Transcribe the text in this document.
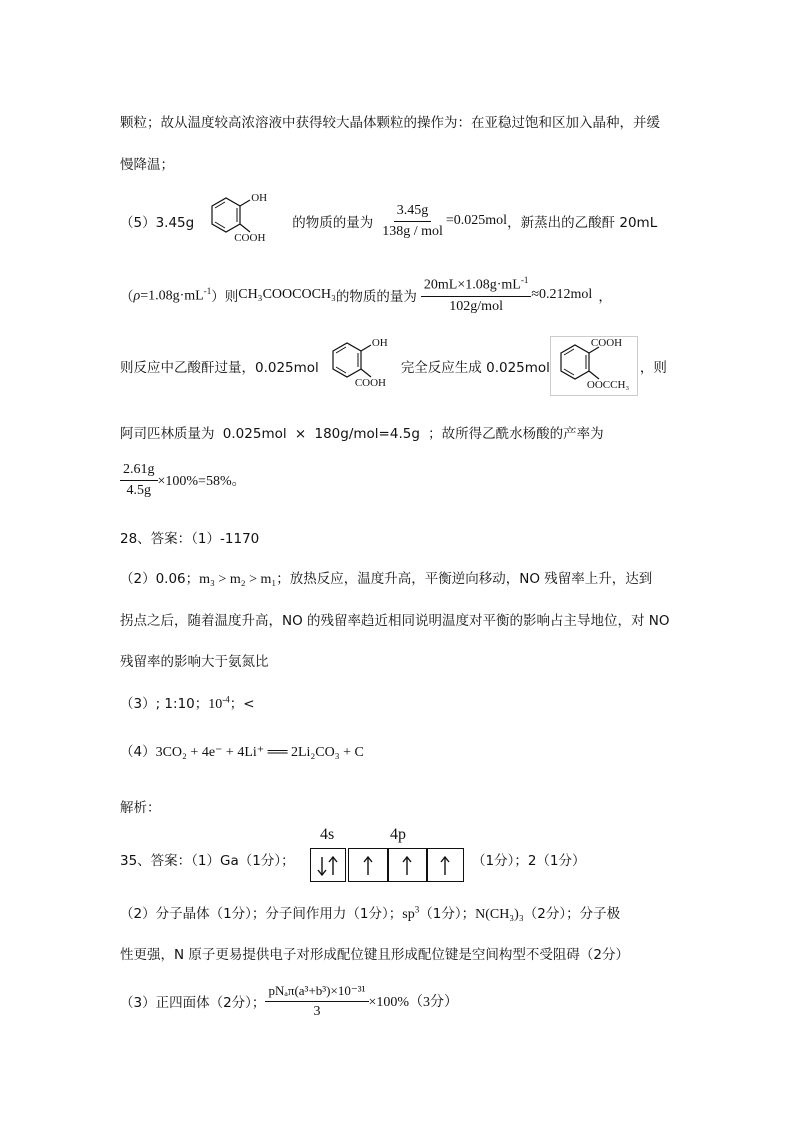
颗粒；故从温度较高浓溶液中获得较大晶体颗粒的操作为：在亚稳过饱和区加入晶种，并缓
慢降温；
（5）3.45g
OH
COOH
的物质的量为 $\frac{3.45g}{\text{138g / mol}} =0.025mol$ ，新蒸出的乙酸酐 20mL
（ $\rho=1.08g\cdot mL^{-1}$ ）则 CH₃COOCOCH₃ 的物质的量为 $\frac{20mL\times 1.08g\cdot mL^{-1}}{\text{102g/mol}} \approx 0.212mol$ ，
则反应中乙酸酐过量，0.025mol
OH
COOH
完全反应生成 0.025mol
COOH
OOCCH₃
，则
阿司匹林质量为 0.025mol × 180g/mol=4.5g ；故所得乙酰水杨酸的产率为
$\frac{2.61g}{4.5g} \times 100\%=58\%$。
28、答案：（1）-1170
（2）0.06；m₃ > m₂ > m₁；放热反应，温度升高，平衡逆向移动，NO 残留率上升，达到
拐点之后，随着温度升高，NO 的残留率趋近相同说明温度对平衡的影响占主导地位，对 NO
残留率的影响大于氨氮比
（3）; 1:10；$10^{-4}$；<
（4）3CO₂ + 4e⁻ + 4Li⁺ ══ 2Li₂CO₃ + C
解析：
35、答案：（1）Ga（1分）；
4s	4p
（1分）；2（1分）
（2）分子晶体（1分）；分子间作用力（1分）；$sp^3(1$分）；N(CH₃)₃（2分）；分子极
性更强，N 原子更易提供电子对形成配位键且形成配位键是空间构型不受阻碍（2分）
（3）正四面体（2分）； $\frac{\text{pNₐπ(a³+b³)×10⁻³¹}}{3} \times 100\%(3$分）
